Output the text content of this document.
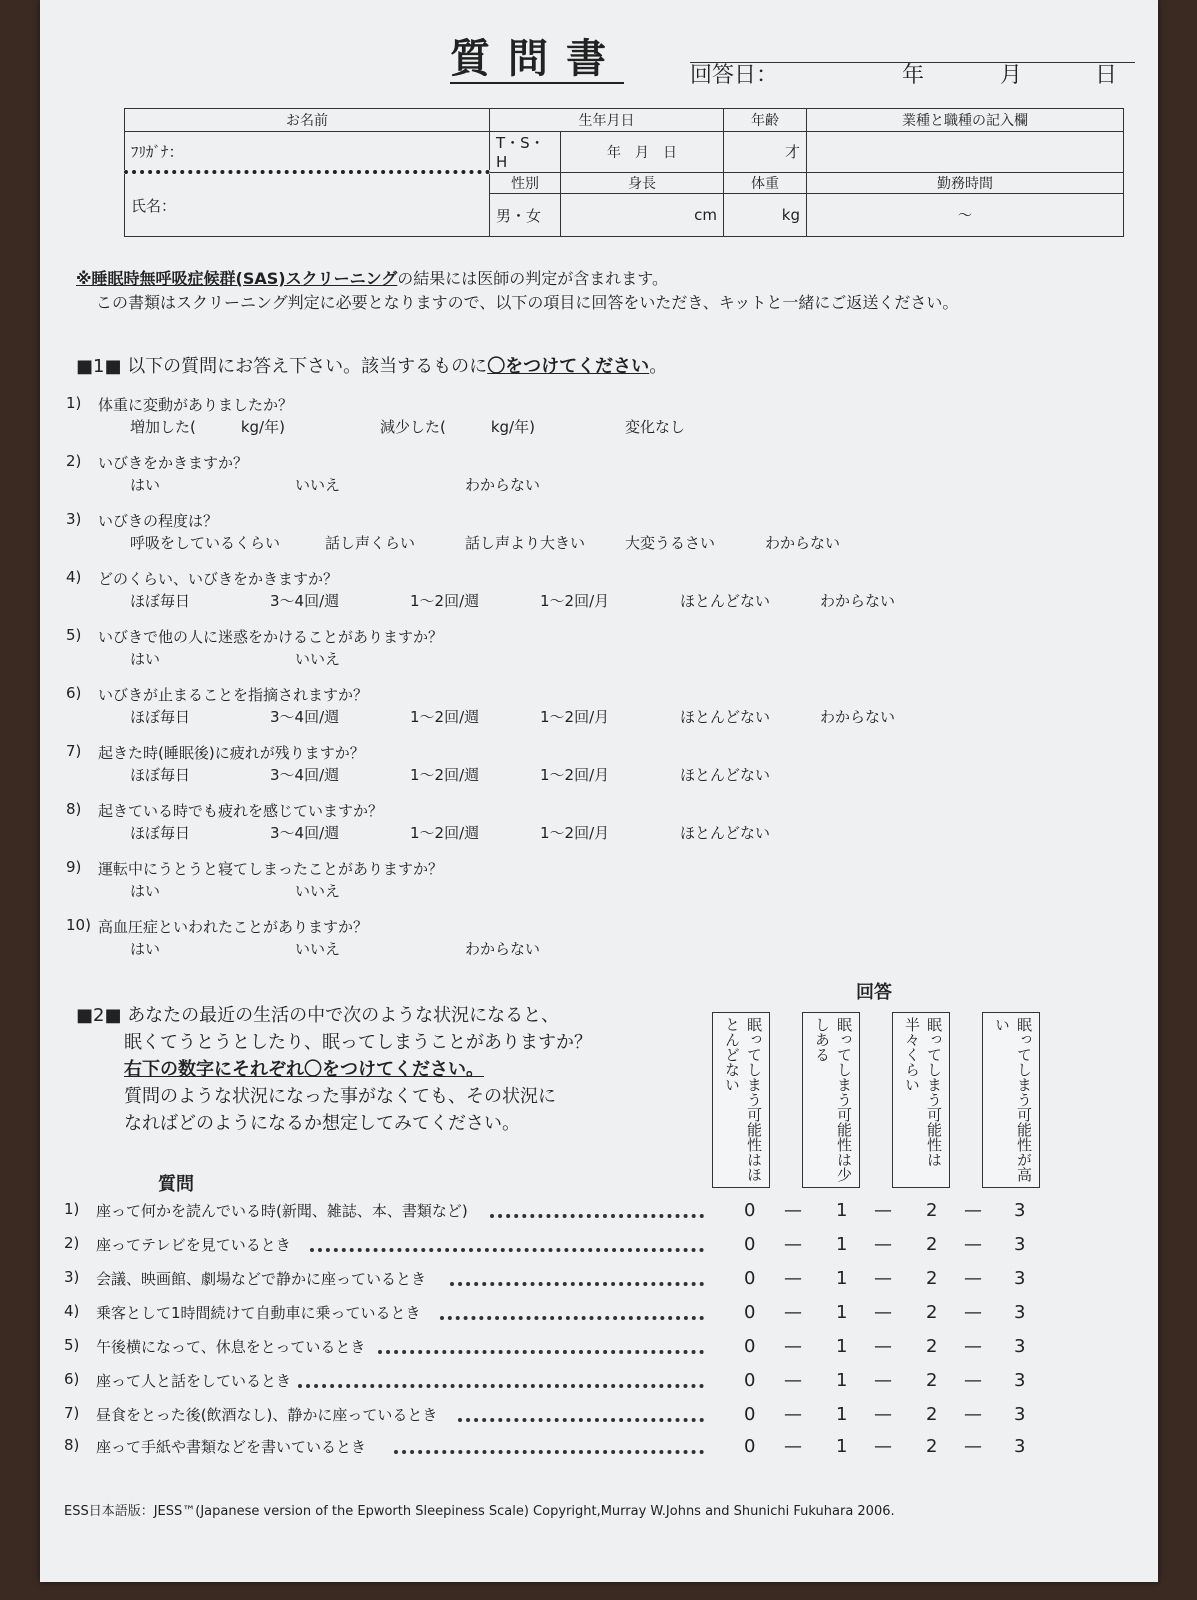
質問書	回答日：	年	月	日
お名前	生年月日		年齢	業種と職種の記入欄
ﾌﾘｶﾞﾅ：	T・S・H	年　月　日	才	
氏名：	性別	身長	体重	勤務時間
	男・女	cm	kg	～
※睡眠時無呼吸症候群(SAS)スクリーニングの結果には医師の判定が含まれます。
この書類はスクリーニング判定に必要となりますので、以下の項目に回答をいただき、キットと一緒にご返送ください。
■1■ 以下の質問にお答え下さい。該当するものに〇をつけてください。
1) 体重に変動がありましたか？
増加した(　　　kg/年)	減少した(　　　kg/年)	変化なし
2) いびきをかきますか？
はい	いいえ	わからない
3) いびきの程度は？
呼吸をしているくらい	話し声くらい	話し声より大きい	大変うるさい	わからない
4) どのくらい、いびきをかきますか？
ほぼ毎日	3～4回/週	1～2回/週	1～2回/月	ほとんどない	わからない
5) いびきで他の人に迷惑をかけることがありますか？
はい	いいえ
6) いびきが止まることを指摘されますか？
ほぼ毎日	3～4回/週	1～2回/週	1～2回/月	ほとんどない	わからない
7) 起きた時(睡眠後)に疲れが残りますか？
ほぼ毎日	3～4回/週	1～2回/週	1～2回/月	ほとんどない
8) 起きている時でも疲れを感じていますか？
ほぼ毎日	3～4回/週	1～2回/週	1～2回/月	ほとんどない
9) 運転中にうとうと寝てしまったことがありますか？
はい	いいえ
10) 高血圧症といわれたことがありますか？
はい	いいえ	わからない
■2■ あなたの最近の生活の中で次のような状況になると、
眠くてうとうとしたり、眠ってしまうことがありますか？
右下の数字にそれぞれ〇をつけてください。
質問のような状況になった事がなくても、その状況に
なればどのようになるか想定してみてください。
回答
眠ってしまう可能性はほとんどない	眠ってしまう可能性は少しある	眠ってしまう可能性は半々くらい	眠ってしまう可能性が高い
質問
1) 座って何かを読んでいる時(新聞、雑誌、本、書類など)	0	1	2	3
—	—	—
2) 座ってテレビを見ているとき	0	1	2	3
—	—	—
3) 会議、映画館、劇場などで静かに座っているとき	0	1	2	3
—	—	—
4) 乗客として1時間続けて自動車に乗っているとき	0	1	2	3
—	—	—
5) 午後横になって、休息をとっているとき	0	1	2	3
—	—	—
6) 座って人と話をしているとき	0	1	2	3
—	—	—
7) 昼食をとった後(飲酒なし)、静かに座っているとき	0	1	2	3
—	—	—
8) 座って手紙や書類などを書いているとき	0	1	2	3
—	—	—
ESS日本語版：JESS™(Japanese version of the Epworth Sleepiness Scale) Copyright,Murray W.Johns and Shunichi Fukuhara 2006.
